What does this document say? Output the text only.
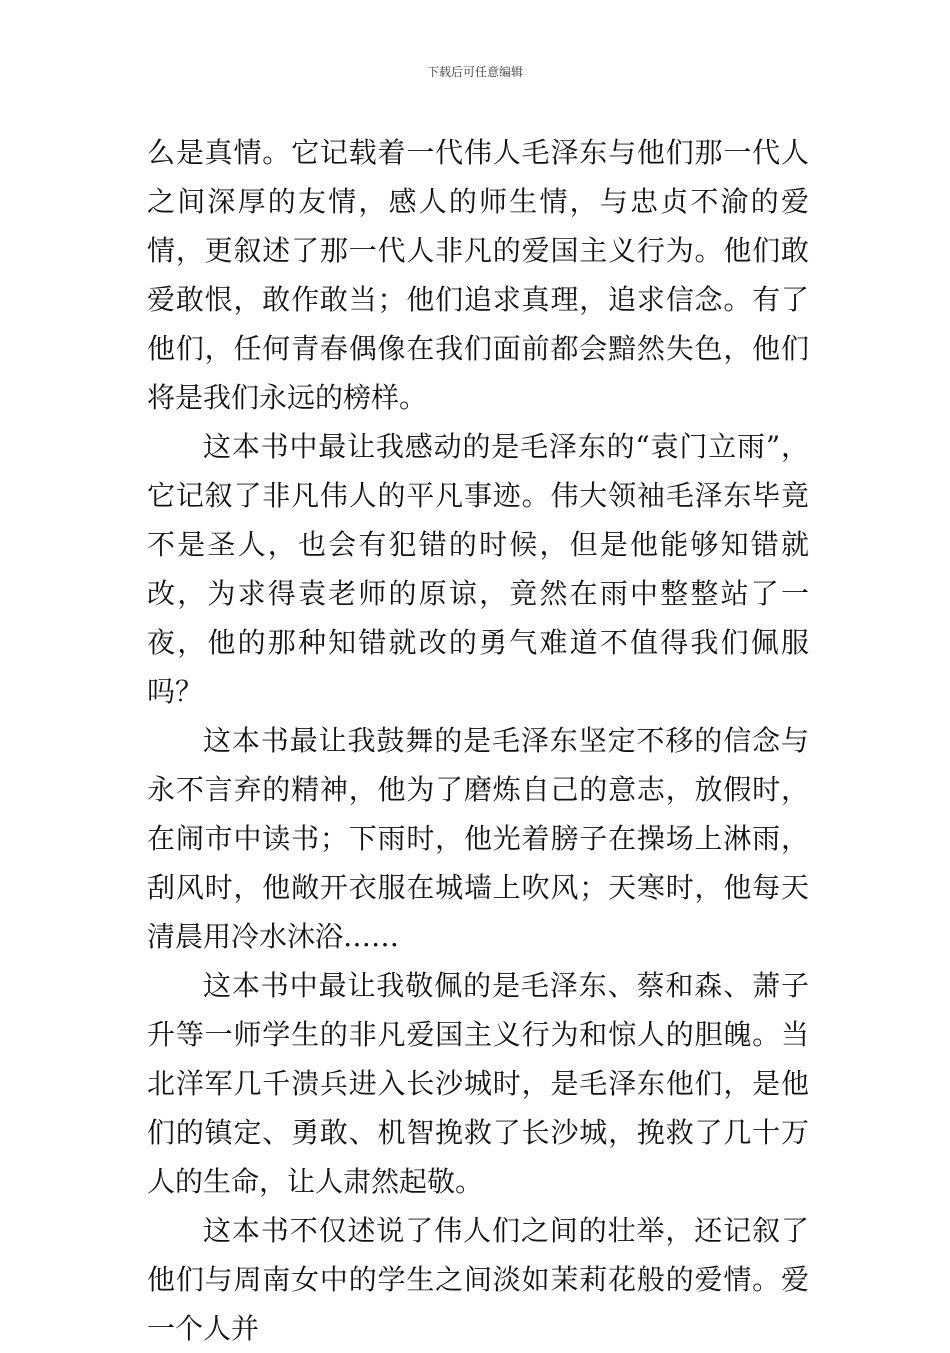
下载后可任意编辑

么是真情。它记载着一代伟人毛泽东与他们那一代人之间深厚的友情，感人的师生情，与忠贞不渝的爱情，更叙述了那一代人非凡的爱国主义行为。他们敢爱敢恨，敢作敢当；他们追求真理，追求信念。有了他们，任何青春偶像在我们面前都会黯然失色，他们将是我们永远的榜样。

这本书中最让我感动的是毛泽东的“袁门立雨”，它记叙了非凡伟人的平凡事迹。伟大领袖毛泽东毕竟不是圣人，也会有犯错的时候，但是他能够知错就改，为求得袁老师的原谅，竟然在雨中整整站了一夜，他的那种知错就改的勇气难道不值得我们佩服吗？

这本书最让我鼓舞的是毛泽东坚定不移的信念与永不言弃的精神，他为了磨炼自己的意志，放假时，在闹市中读书；下雨时，他光着膀子在操场上淋雨，刮风时，他敞开衣服在城墙上吹风；天寒时，他每天清晨用冷水沐浴……

这本书中最让我敬佩的是毛泽东、蔡和森、萧子升等一师学生的非凡爱国主义行为和惊人的胆魄。当北洋军几千溃兵进入长沙城时，是毛泽东他们，是他们的镇定、勇敢、机智挽救了长沙城，挽救了几十万人的生命，让人肃然起敬。

这本书不仅述说了伟人们之间的壮举，还记叙了他们与周南女中的学生之间淡如茉莉花般的爱情。爱一个人并
